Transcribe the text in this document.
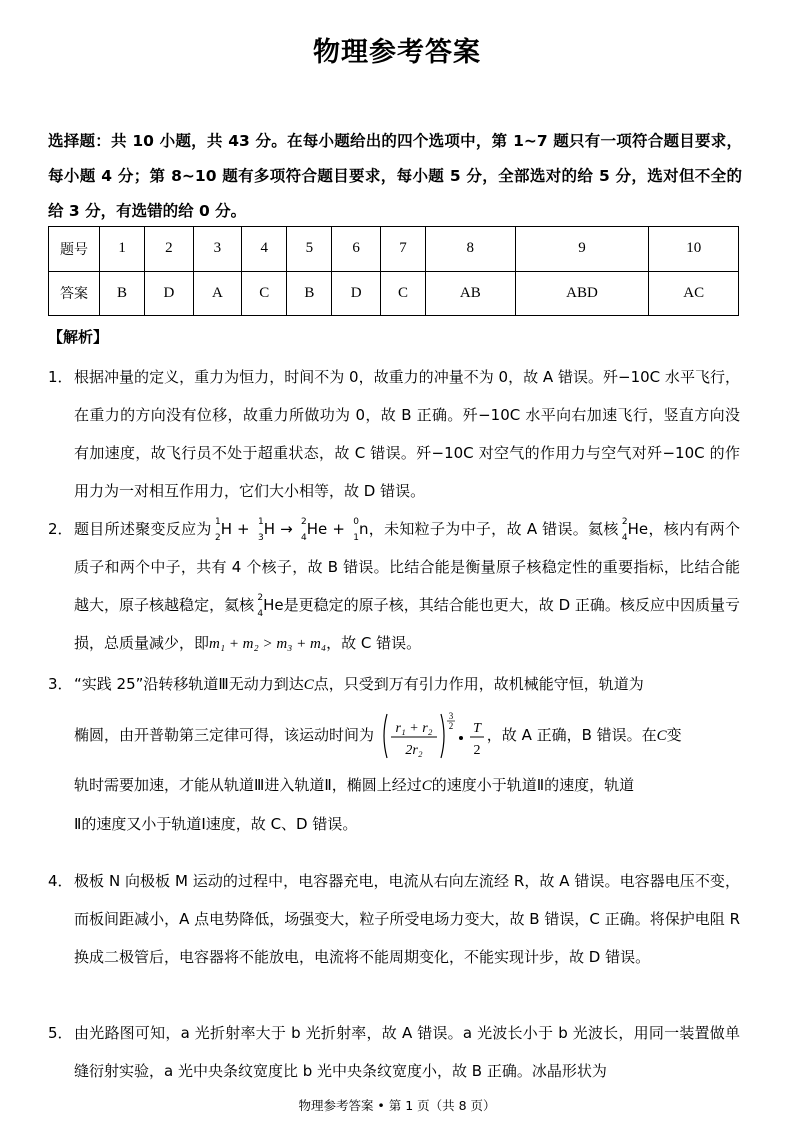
物理参考答案
选择题：共 10 小题，共 43 分。在每小题给出的四个选项中，第 1~7 题只有一项符合题目要求，每小题 4 分；第 8~10 题有多项符合题目要求，每小题 5 分，全部选对的给 5 分，选对但不全的给 3 分，有选错的给 0 分。
题号	1	2	3	4	5	6	7	8	9	10
答案	B	D	A	C	B	D	C	AB	ABD	AC
【解析】
1． 根据冲量的定义，重力为恒力，时间不为 0，故重力的冲量不为 0，故 A 错误。歼−10C 水平飞行，在重力的方向没有位移，故重力所做功为 0，故 B 正确。歼−10C 水平向右加速飞行，竖直方向没有加速度，故飞行员不处于超重状态，故 C 错误。歼−10C 对空气的作用力与空气对歼−10C 的作用力为一对相互作用力，它们大小相等，故 D 错误。
2． 题目所述聚变反应为 2
1 H + 3
1 H → 4
2 He + 1
0 n，未知粒子为中子，故 A 错误。氦核 4
2 He，核内有两个质子和两个中子，共有 4 个核子，故 B 错误。比结合能是衡量原子核稳定性的重要指标，比结合能越大，原子核越稳定，氦核 4
2 He是更稳定的原子核，其结合能也更大，故 D 正确。核反应中因质量亏损，总质量减少，即m₁ + m₂ > m₃ + m₄，故 C 错误。
3． “实践 25”沿转移轨道Ⅲ无动力到达C点，只受到万有引力作用，故机械能守恒，轨道为
椭圆，由开普勒第三定律可得，该运动时间为 r₁ + r₂
2r₂
3
2 T
2
，故 A 正确，B 错误。在C变
轨时需要加速，才能从轨道Ⅲ进入轨道Ⅱ，椭圆上经过C的速度小于轨道Ⅱ的速度，轨道
Ⅱ的速度又小于轨道Ⅰ速度，故 C、D 错误。
4． 极板 N 向极板 M 运动的过程中，电容器充电，电流从右向左流经 R，故 A 错误。电容器电压不变，而板间距减小，A 点电势降低，场强变大，粒子所受电场力变大，故 B 错误，C 正确。将保护电阻 R 换成二极管后，电容器将不能放电，电流将不能周期变化，不能实现计步，故 D 错误。
5． 由光路图可知，a 光折射率大于 b 光折射率，故 A 错误。a 光波长小于 b 光波长，用同一装置做单缝衍射实验，a 光中央条纹宽度比 b 光中央条纹宽度小，故 B 正确。冰晶形状为
物理参考答案 • 第 1 页（共 8 页）
